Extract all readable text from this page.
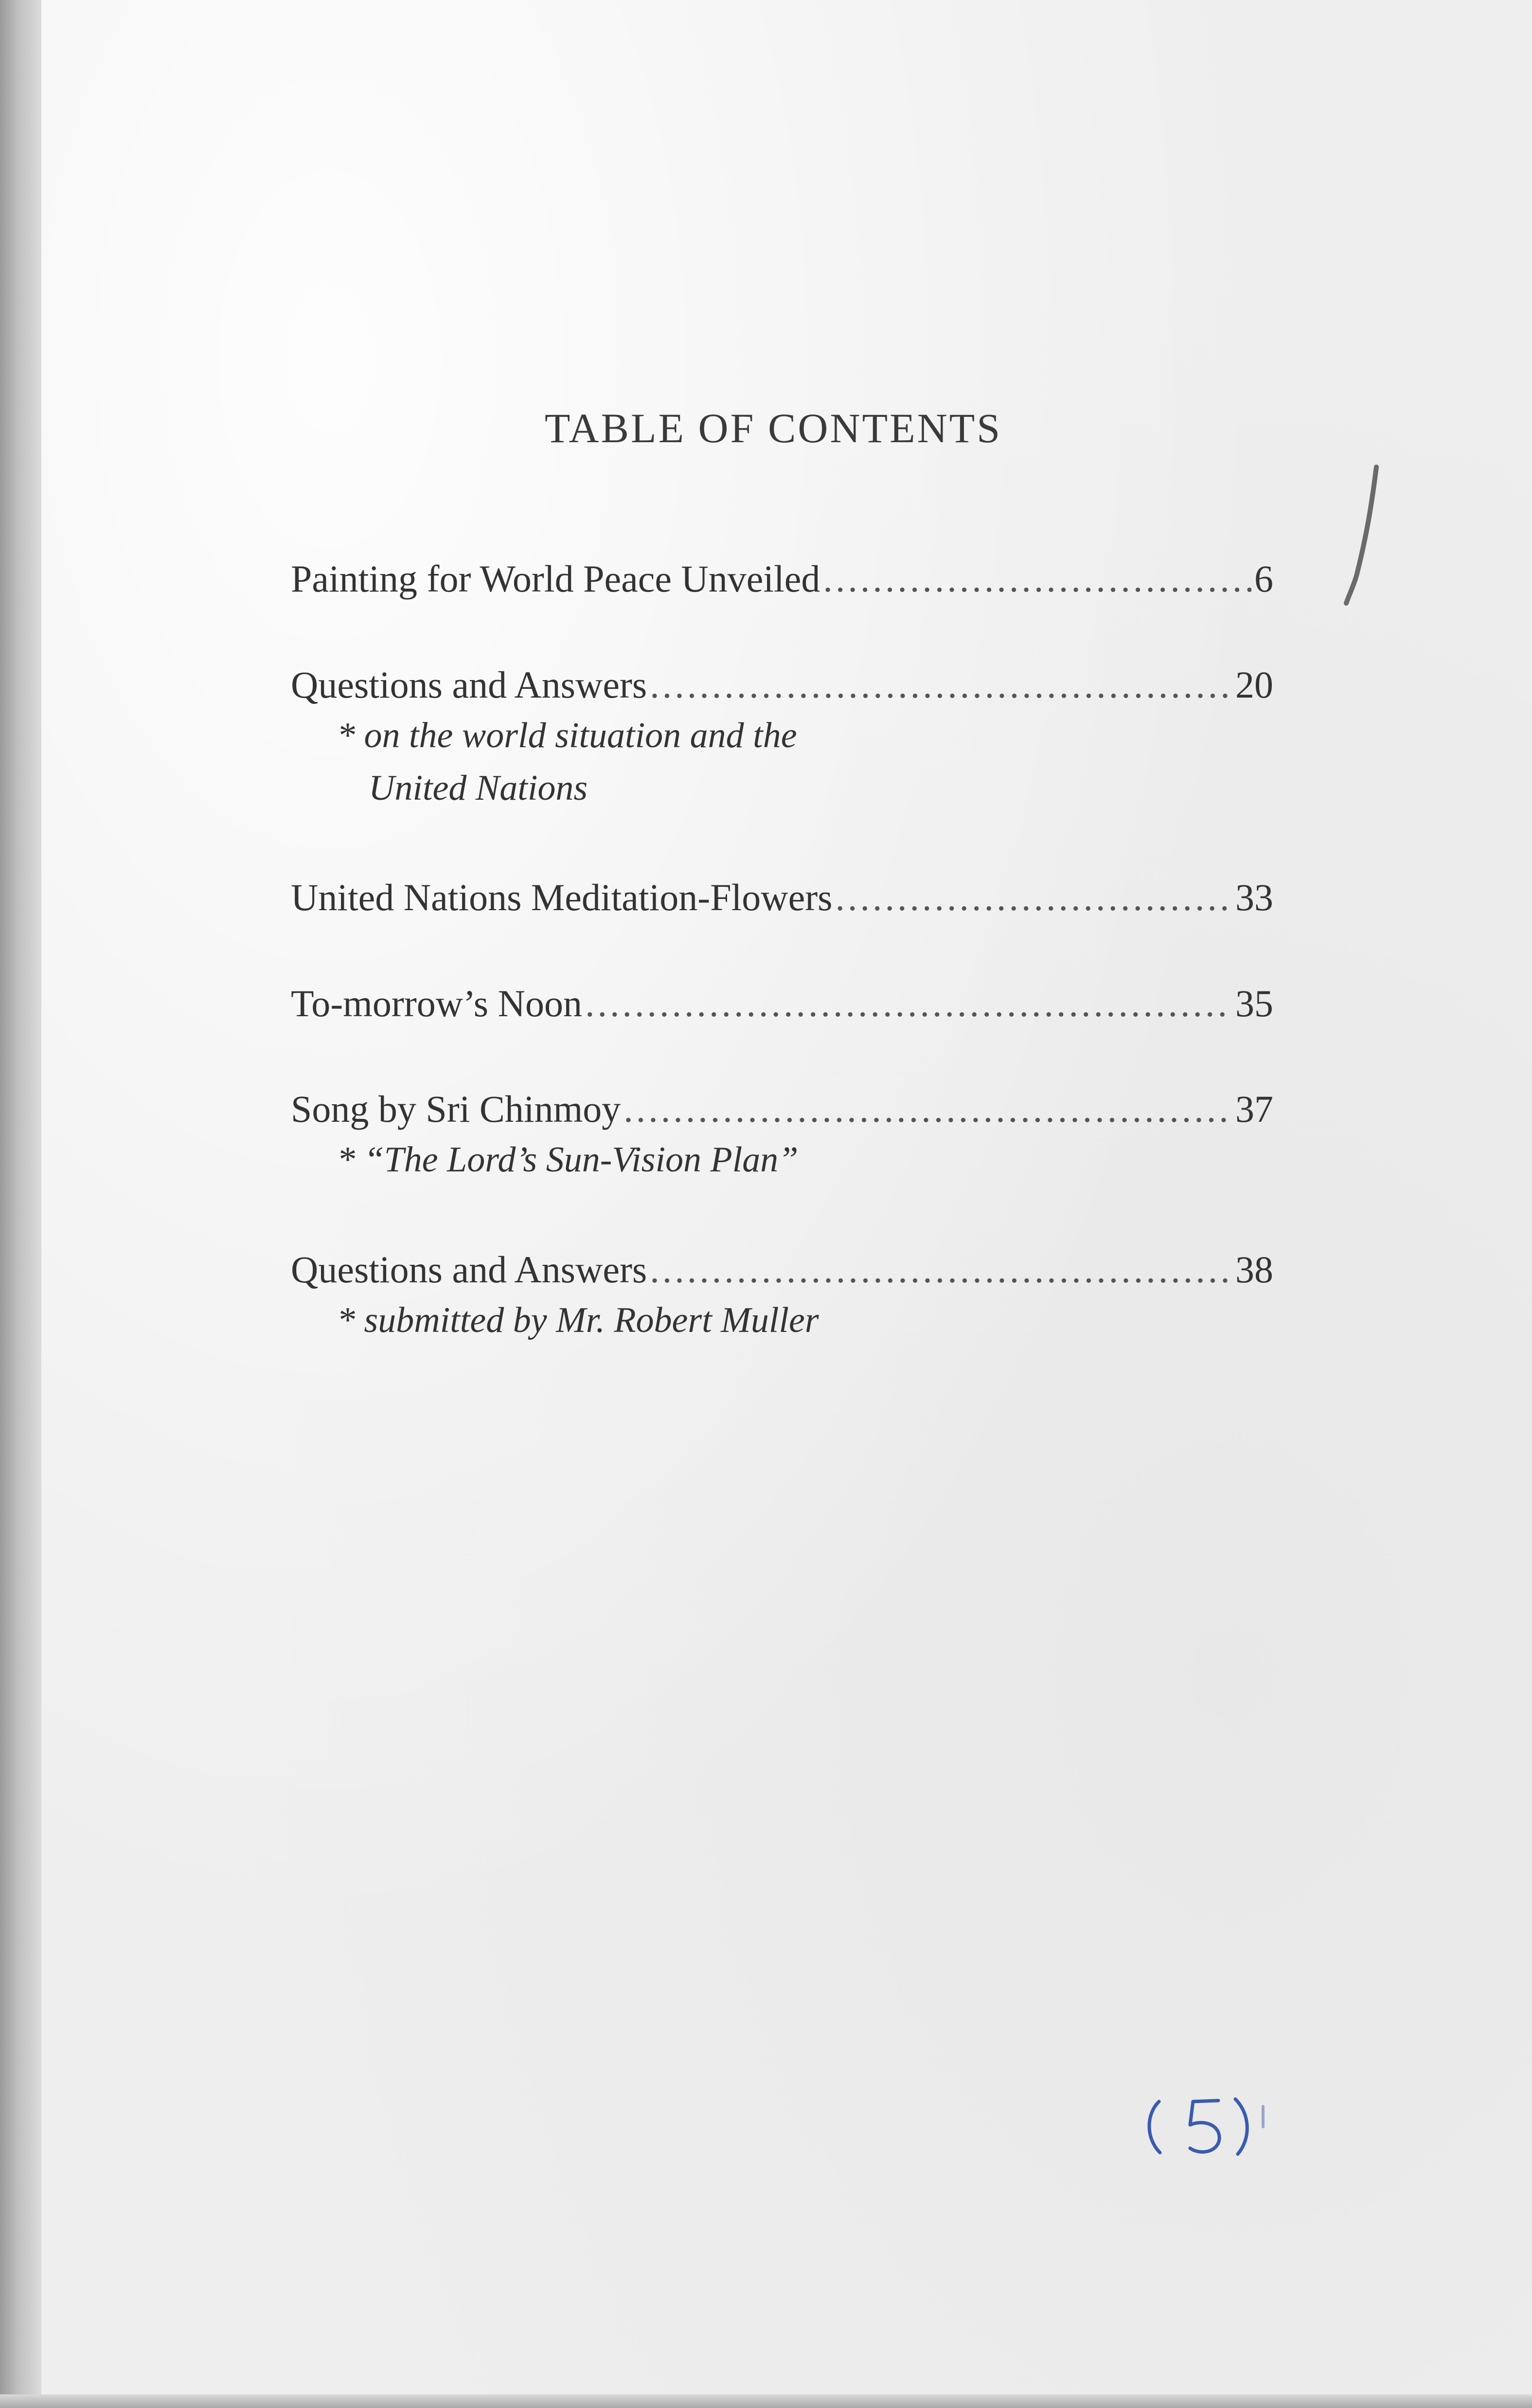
TABLE OF CONTENTS
Painting for World Peace Unveiled .....	6
Questions and Answers .....	20
* on the world situation and the
United Nations
United Nations Meditation-Flowers .....	33
To-morrow’s Noon .....	35
Song by Sri Chinmoy .....	37
* “The Lord’s Sun-Vision Plan”
Questions and Answers .....	38
* submitted by Mr. Robert Muller
